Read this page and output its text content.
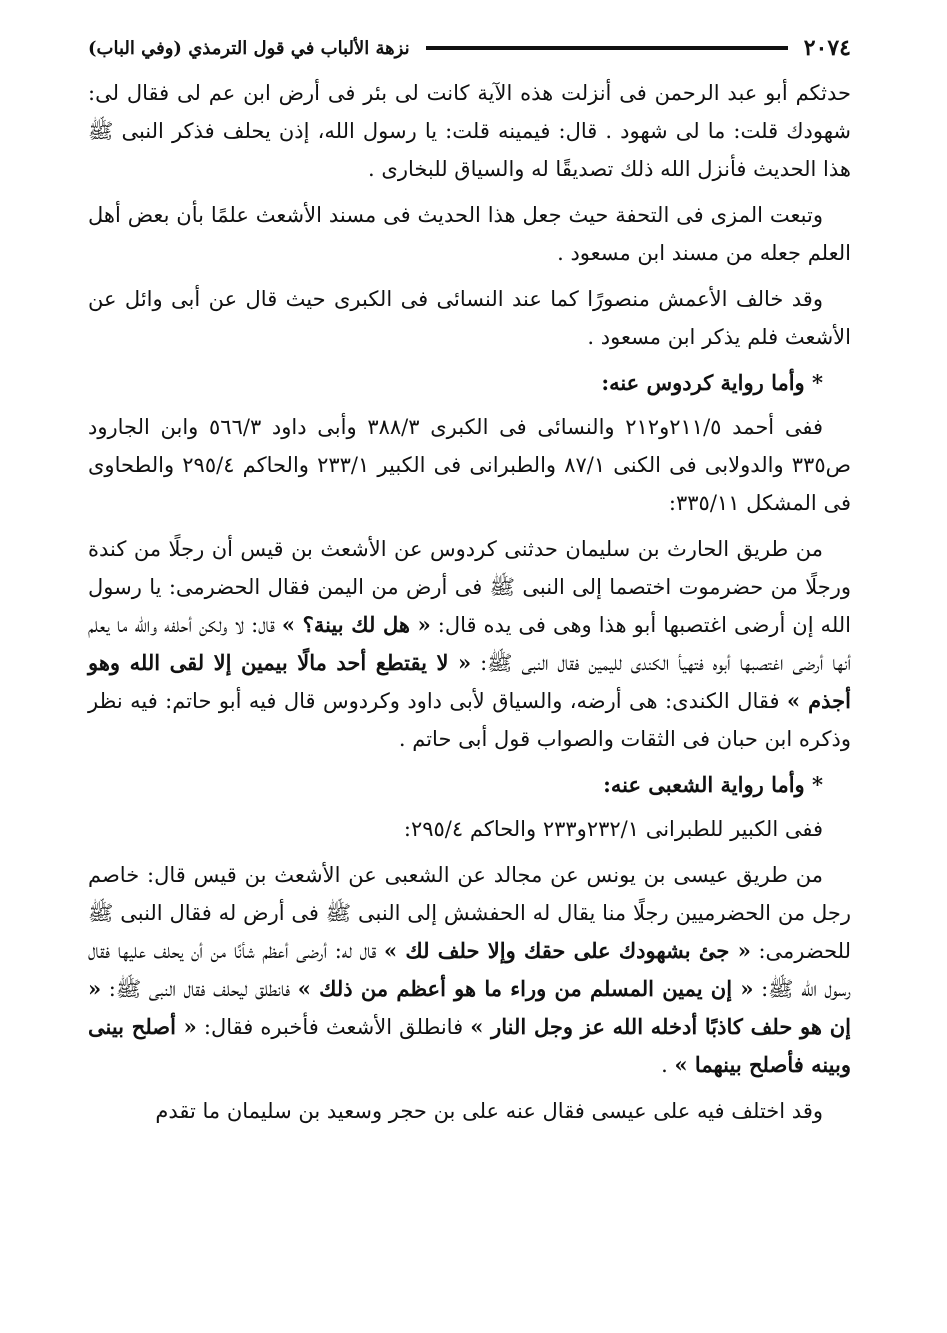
٢٠٧٤
نزهة الألباب في قول الترمذي (وفي الباب)

حدثكم أبو عبد الرحمن فى أنزلت هذه الآية كانت لى بئر فى أرض ابن عم لى فقال لى: شهودك قلت: ما لى شهود . قال: فيمينه قلت: يا رسول الله، إذن يحلف فذكر النبى ﷺ هذا الحديث فأنزل الله ذلك تصديقًا له والسياق للبخارى .

وتبعت المزى فى التحفة حيث جعل هذا الحديث فى مسند الأشعث علمًا بأن بعض أهل العلم جعله من مسند ابن مسعود .

وقد خالف الأعمش منصورًا كما عند النسائى فى الكبرى حيث قال عن أبى وائل عن الأشعث فلم يذكر ابن مسعود .

* وأما رواية كردوس عنه:

ففى أحمد ٢١١/٥و٢١٢ والنسائى فى الكبرى ٣٨٨/٣ وأبى داود ٥٦٦/٣ وابن الجارود ص٣٣٥ والدولابى فى الكنى ٨٧/١ والطبرانى فى الكبير ٢٣٣/١ والحاكم ٢٩٥/٤ والطحاوى فى المشكل ٣٣٥/١١:

من طريق الحارث بن سليمان حدثنى كردوس عن الأشعث بن قيس أن رجلًا من كندة ورجلًا من حضرموت اختصما إلى النبى ﷺ فى أرض من اليمن فقال الحضرمى: يا رسول الله إن أرضى اغتصبها أبو هذا وهى فى يده قال: « هل لك بينة؟ » قال: لا ولكن أحلفه والله ما يعلم أنها أرضى اغتصبها أبوه فتهيأ الكندى لليمين فقال النبى ﷺ: « لا يقتطع أحد مالًا بيمين إلا لقى الله وهو أجذم » فقال الكندى: هى أرضه، والسياق لأبى داود وكردوس قال فيه أبو حاتم: فيه نظر وذكره ابن حبان فى الثقات والصواب قول أبى حاتم .

* وأما رواية الشعبى عنه:

ففى الكبير للطبرانى ٢٣٢/١و٢٣٣ والحاكم ٢٩٥/٤:

من طريق عيسى بن يونس عن مجالد عن الشعبى عن الأشعث بن قيس قال: خاصم رجل من الحضرميين رجلًا منا يقال له الحفشش إلى النبى ﷺ فى أرض له فقال النبى ﷺ للحضرمى: « جئ بشهودك على حقك وإلا حلف لك » قال له: أرضى أعظم شأنًا من أن يحلف عليها فقال رسول الله ﷺ: « إن يمين المسلم من وراء ما هو أعظم من ذلك » فانطلق ليحلف فقال النبى ﷺ: « إن هو حلف كاذبًا أدخله الله عز وجل النار » فانطلق الأشعث فأخبره فقال: « أصلح بينى وبينه فأصلح بينهما » .

وقد اختلف فيه على عيسى فقال عنه على بن حجر وسعيد بن سليمان ما تقدم
